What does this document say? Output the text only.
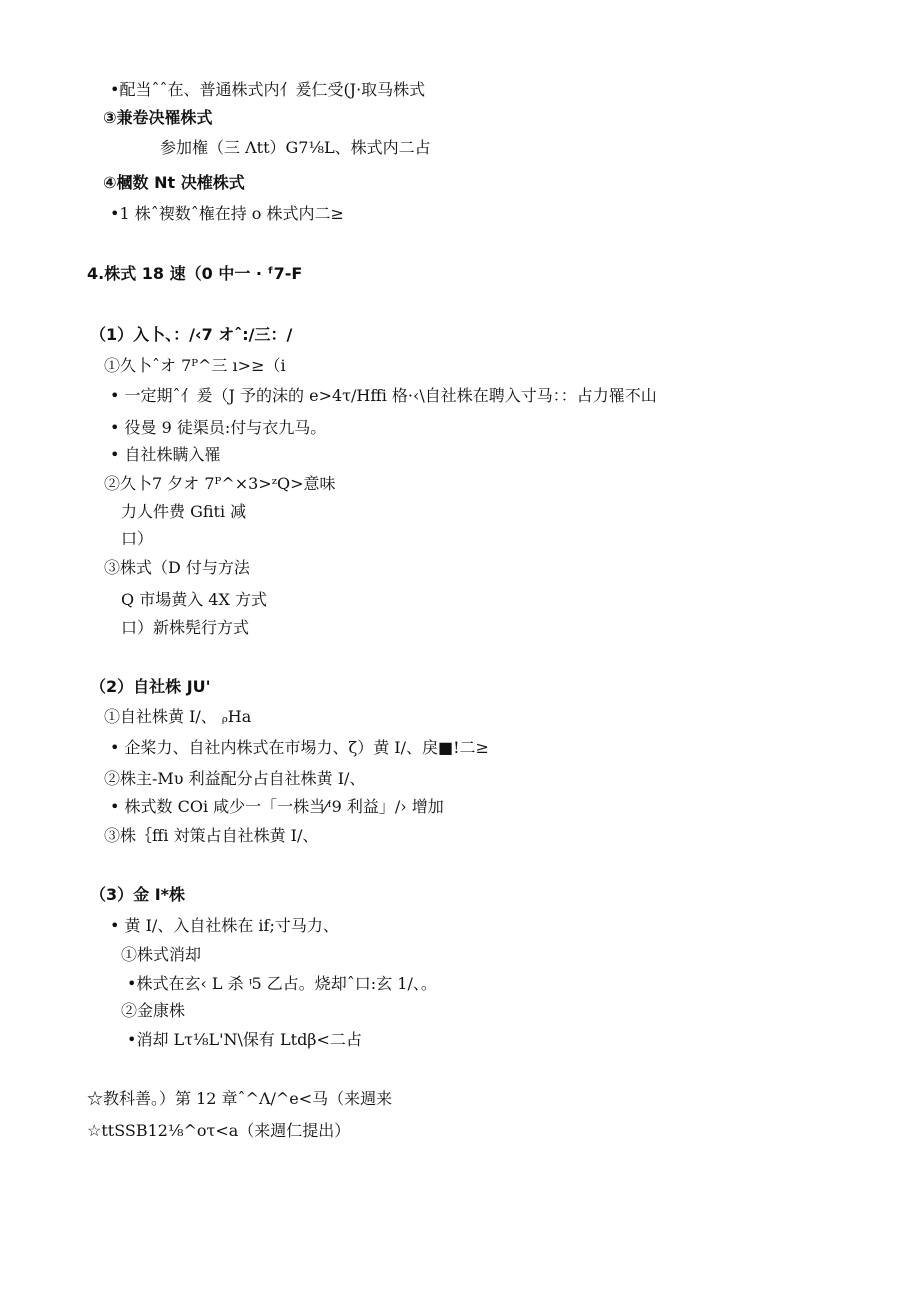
•配当ˆˆ在、普通株式内亻爰仁受(J·取马株式
③兼卷决罹株式
参加権（三 Λtt）G7⅛L、株式内二占
④槶数 Nt 决榷株式
•1 株ˆ褉数ˆ権在持 o 株式内二≥
4.株式 18 速（0 中一 · ᶠ7-F
（1）入卜、：/‹7 オˆ:/三：/
①久卜ˆオ 7ᴾ^三 ı>≥（i
• 一定期ˆ亻爰（J 予的沫的 e>4τ/Hffi 格·‹\自社株在聘入寸马：：占力罹不山
• 役曼 9 徒渠员:付与衣九马。
• 自社株瞒入罹
②久卜7 夕オ 7ᴾ^×3>ᶻQ>意味
力人件费 Gfiti 减
口）
③株式（D 付与方法
Q 市場黄入 4X 方式
口）新株髡行方式
（2）自社株 JU'
①自社株黄 I/、 ᵨHa
• 企桨力、自社内株式在市埸力、ζ）黄 I/、戾■!二≥
②株主-Mυ 利益配分占自社株黄 I/、
• 株式数 COi 咸少一「一株当⁄ᶦ9 利益」/› 增加
③株｛ffi 対策占自社株黄 I/、
（3）金 I*株
• 黄 I/、入自社株在 if;寸马力、
①株式消却
•株式在玄‹ L 杀 ᵎ5 乙占。烧却ˆ口:玄 1/、。
②金康株
•消却 Lτ⅛L'N\保有 Ltdβ<二占
☆教科善。）第 12 章ˆ^Λ/^e<马（来週来
☆ttSSB12⅛^oτ<a（来週仁提出）
